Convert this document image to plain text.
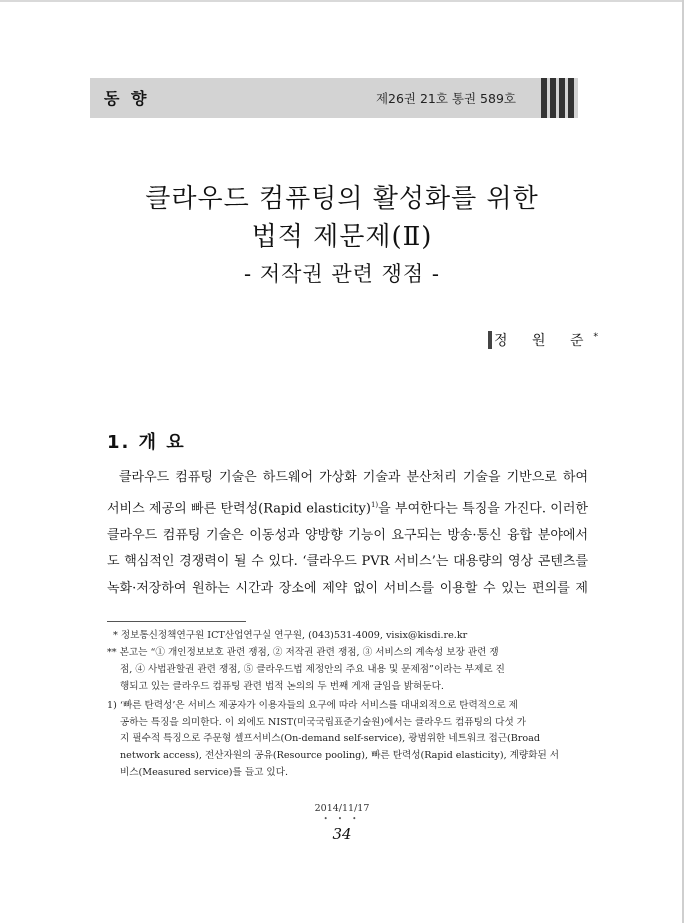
동 향	제26권 21호 통권 589호
클라우드 컴퓨팅의 활성화를 위한
법적 제문제(Ⅱ)
- 저작권 관련 쟁점 -
정 원 준*
1. 개 요
클라우드 컴퓨팅 기술은 하드웨어 가상화 기술과 분산처리 기술을 기반으로 하여
서비스 제공의 빠른 탄력성(Rapid elasticity)$^{1)}$을 부여한다는 특징을 가진다. 이러한
클라우드 컴퓨팅 기술은 이동성과 양방향 기능이 요구되는 방송·통신 융합 분야에서
도 핵심적인 경쟁력이 될 수 있다. ‘클라우드 PVR 서비스’는 대용량의 영상 콘텐츠를
녹화·저장하여 원하는 시간과 장소에 제약 없이 서비스를 이용할 수 있는 편의를 제
* 정보통신정책연구원 ICT산업연구실 연구원, (043)531-4009, visix@kisdi.re.kr
** 본고는 “① 개인정보보호 관련 쟁점, ② 저작권 관련 쟁점, ③ 서비스의 계속성 보장 관련 쟁
점, ④ 사법관할권 관련 쟁점, ⑤ 클라우드법 제정안의 주요 내용 및 문제점”이라는 부제로 진
행되고 있는 클라우드 컴퓨팅 관련 법적 논의의 두 번째 게재 글임을 밝혀둔다.
1) ‘빠른 탄력성’은 서비스 제공자가 이용자들의 요구에 따라 서비스를 대내외적으로 탄력적으로 제
공하는 특징을 의미한다. 이 외에도 NIST(미국국립표준기술원)에서는 클라우드 컴퓨팅의 다섯 가
지 필수적 특징으로 주문형 셀프서비스(On-demand self-service), 광범위한 네트워크 접근(Broad
network access), 전산자원의 공유(Resource pooling), 빠른 탄력성(Rapid elasticity), 계량화된 서
비스(Measured service)를 들고 있다.
2014/11/17
• • •
34
